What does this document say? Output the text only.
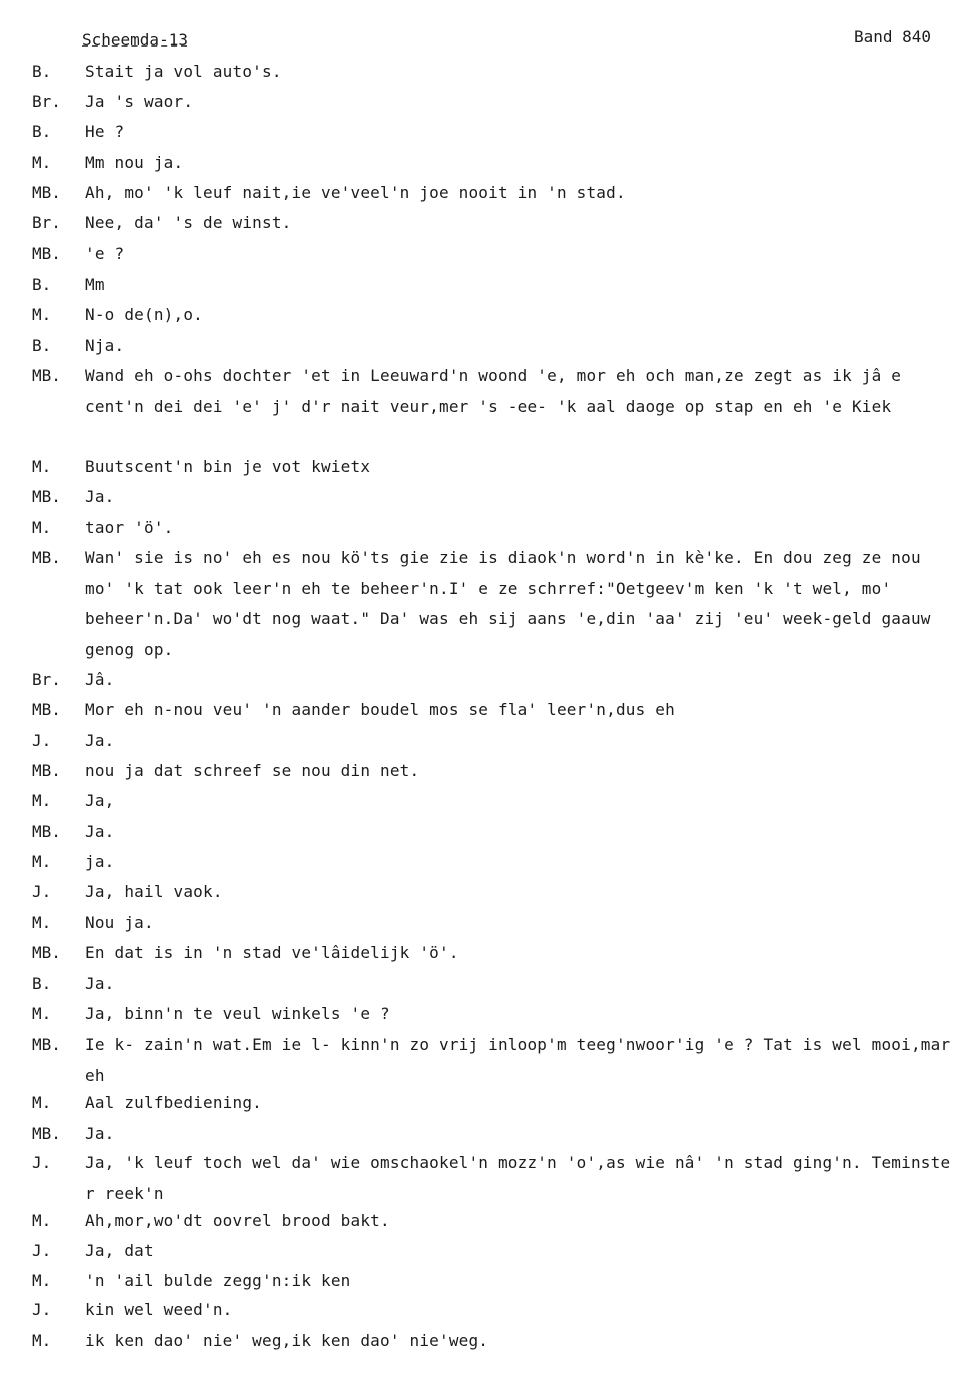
Scheemda-13	Band 840
B.	Stait ja vol auto's.
Br.	Ja 's waor.
B.	He ?
M.	Mm nou ja.
MB.	Ah, mo' 'k leuf nait,ie ve'veel'n joe nooit in 'n stad.
Br.	Nee, da' 's de winst.
MB.	'e ?
B.	Mm
M.	N-o de(n),o.
B.	Nja.
MB.	Wand eh o-ohs dochter 'et in Leeuward'n woond 'e, mor eh och man,ze zegt as ik jâ e cent'n dei dei 'e' j' d'r nait veur,mer 's -ee- 'k aal daoge op stap en eh 'e Kiek
M.	Buutscent'n bin je vot kwietx
MB.	Ja.
M.	taor 'ö'.
MB.	Wan' sie is no' eh es nou kö'ts gie zie is diaok'n word'n in kè'ke. En dou zeg ze nou mo' 'k tat ook leer'n eh te beheer'n.I' e ze schrref:"Oetgeev'm ken 'k 't wel, mo' beheer'n.Da' wo'dt nog waat." Da' was eh sij aans 'e,din 'aa' zij 'eu' week-geld gaauw genog op.
Br.	Jâ.
MB.	Mor eh n-nou veu' 'n aander boudel mos se fla' leer'n,dus eh
J.	Ja.
MB.	nou ja dat schreef se nou din net.
M.	Ja,
MB.	Ja.
M.	ja.
J.	Ja, hail vaok.
M.	Nou ja.
MB.	En dat is in 'n stad ve'lâidelijk 'ö'.
B.	Ja.
M.	Ja, binn'n te veul winkels 'e ?
MB.	Ie k- zain'n wat.Em ie l- kinn'n zo vrij inloop'm teeg'nwoor'ig 'e ? Tat is wel mooi,mar eh
M.	Aal zulfbediening.
MB.	Ja.
J.	Ja, 'k leuf toch wel da' wie omschaokel'n mozz'n 'o',as wie nâ' 'n stad ging'n. Teminste r reek'n
M.	Ah,mor,wo'dt oovrel brood bakt.
J.	Ja, dat
M.	'n 'ail bulde zegg'n:ik ken
J.	kin wel weed'n.
M.	ik ken dao' nie' weg,ik ken dao' nie'weg.
